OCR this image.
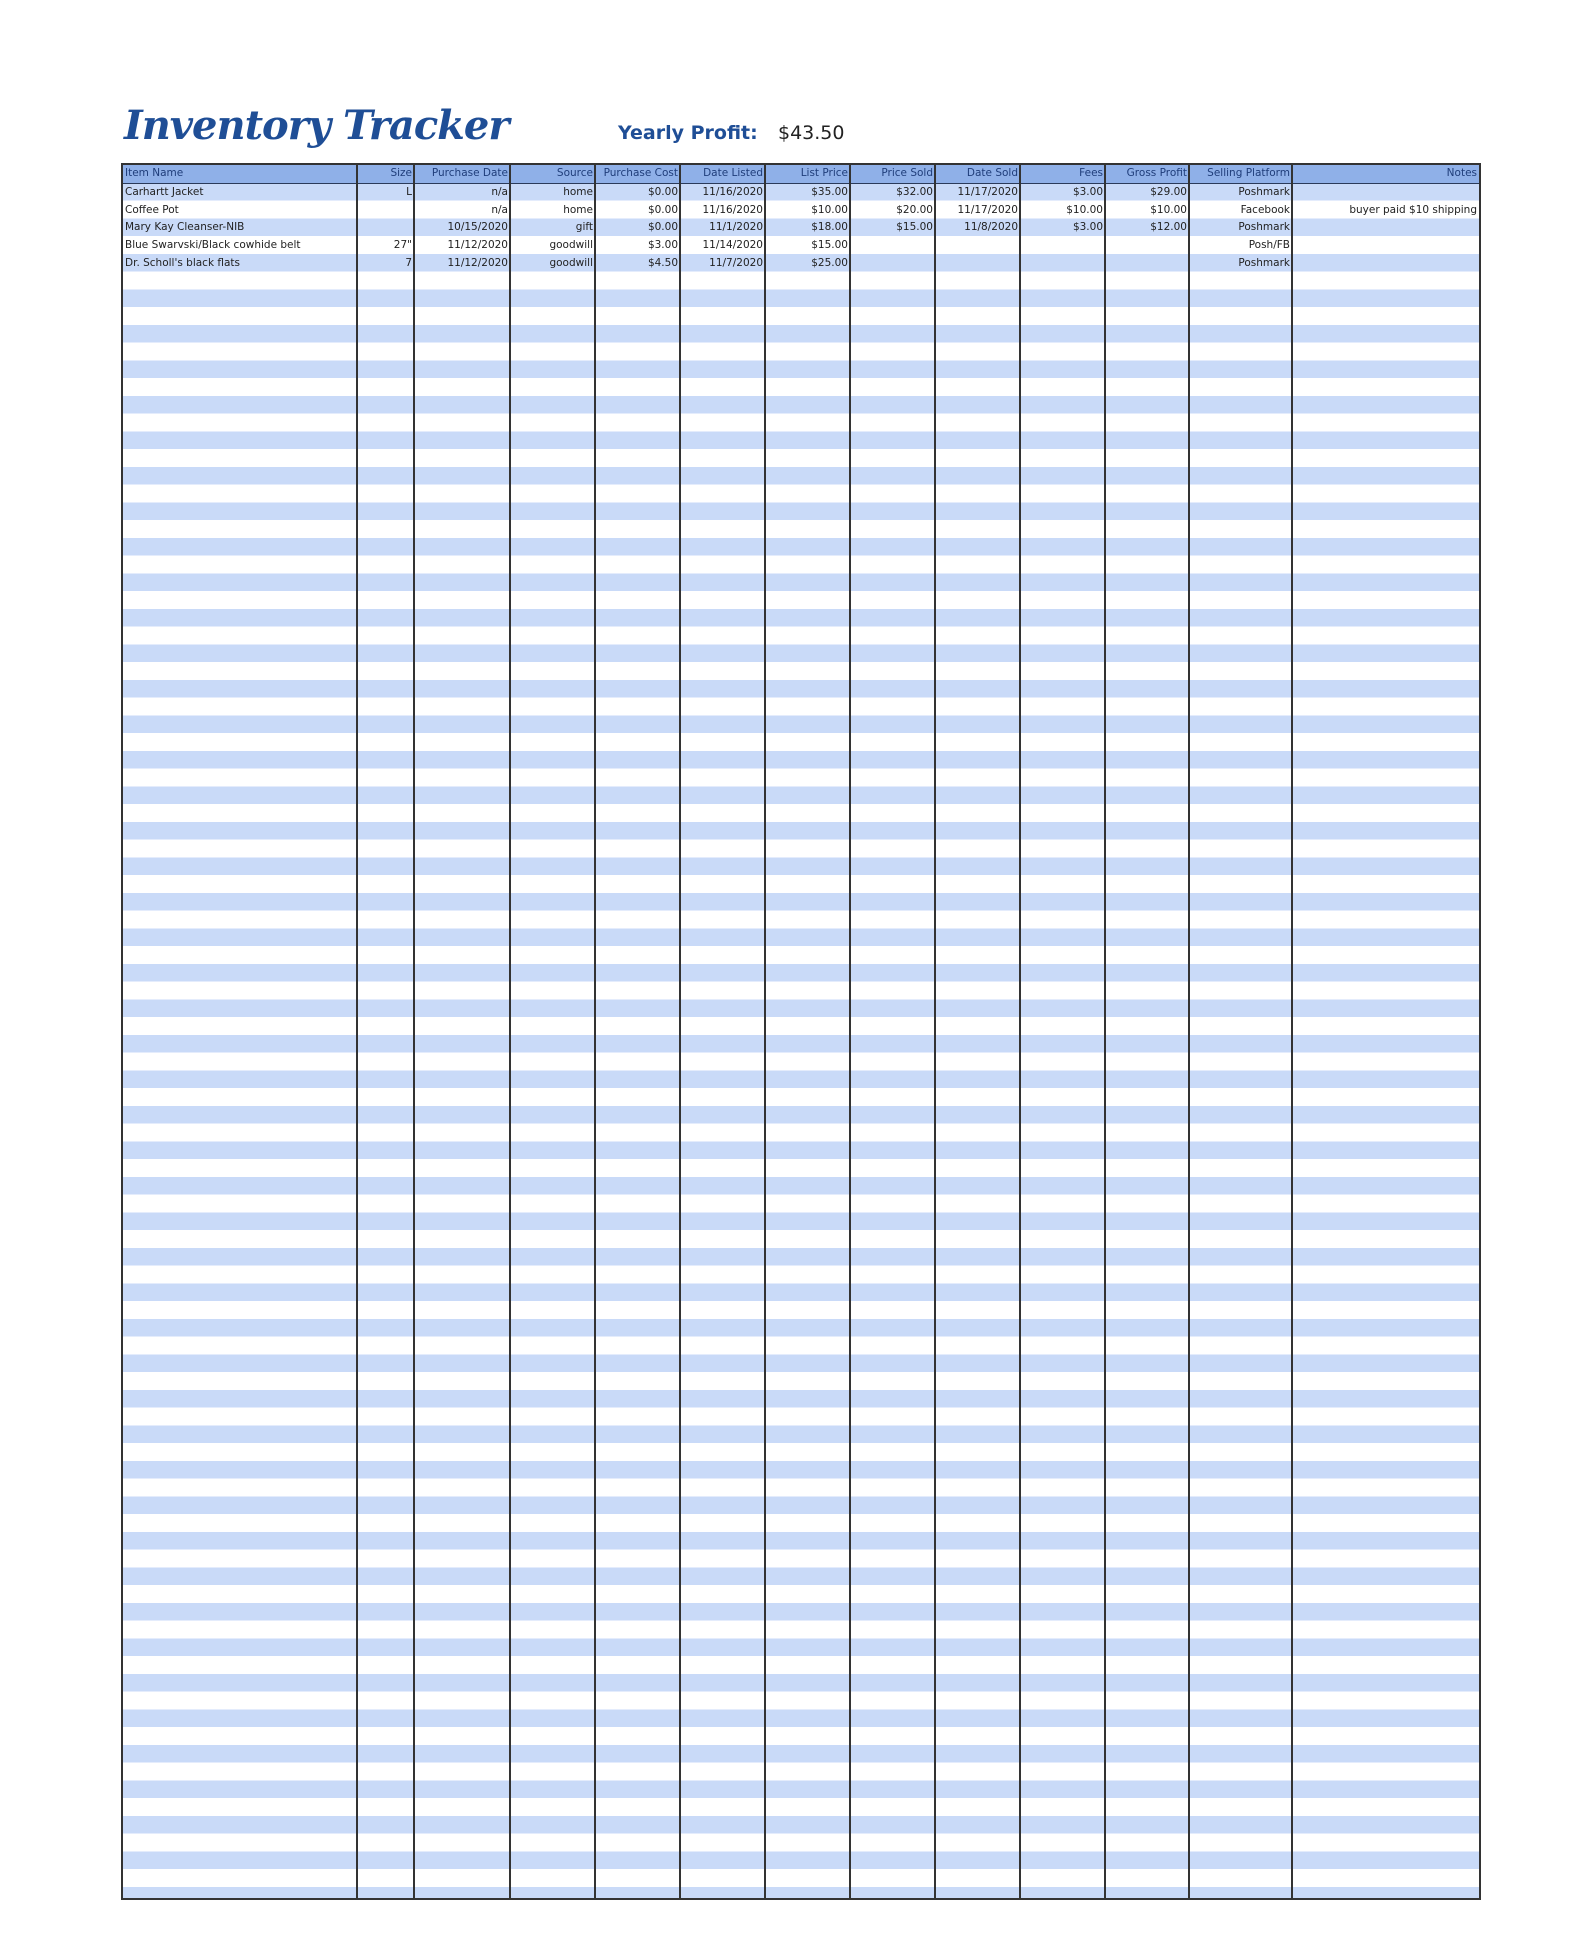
Inventory Tracker	Yearly Profit: $43.50
Item Name	Size	Purchase Date	Source	Purchase Cost	Date Listed	List Price	Price Sold	Date Sold	Fees	Gross Profit	Selling Platform	Notes
Carhartt Jacket	L	n/a	home	$0.00	11/16/2020	$35.00	$32.00	11/17/2020	$3.00	$29.00	Poshmark	
Coffee Pot		n/a	home	$0.00	11/16/2020	$10.00	$20.00	11/17/2020	$10.00	$10.00	Facebook	buyer paid $10 shipping
Mary Kay Cleanser-NIB		10/15/2020	gift	$0.00	11/1/2020	$18.00	$15.00	11/8/2020	$3.00	$12.00	Poshmark	
Blue Swarvski/Black cowhide belt	27"	11/12/2020	goodwill	$3.00	11/14/2020	$15.00					Posh/FB	
Dr. Scholl's black flats	7	11/12/2020	goodwill	$4.50	11/7/2020	$25.00					Poshmark	
